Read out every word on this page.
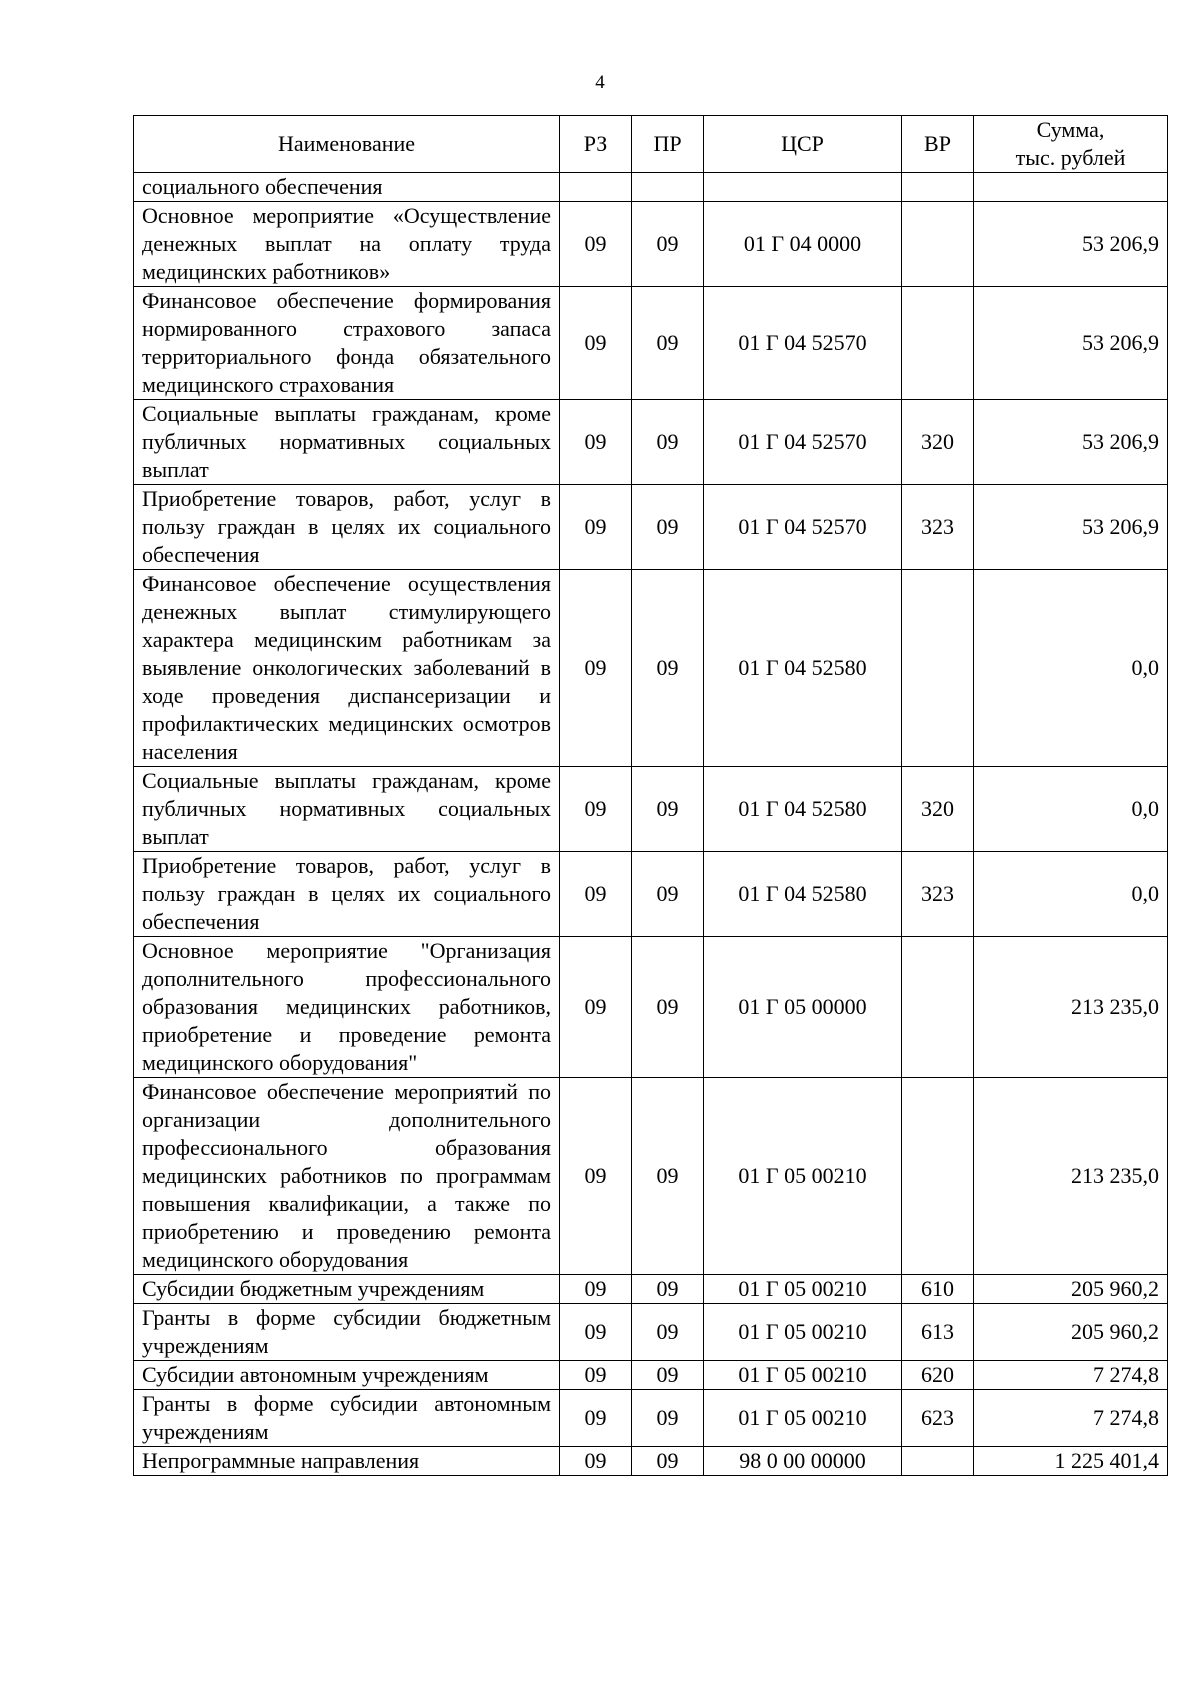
4
Наименование	РЗ	ПР	ЦСР	ВР	Сумма,
тыс. рублей
социального обеспечения					
Основное мероприятие «Осуществление денежных выплат на оплату труда медицинских работников»	09	09	01 Г 04 0000		53 206,9
Финансовое обеспечение формирования нормированного страхового запаса территориального фонда обязательного медицинского страхования	09	09	01 Г 04 52570		53 206,9
Социальные выплаты гражданам, кроме публичных нормативных социальных выплат	09	09	01 Г 04 52570	320	53 206,9
Приобретение товаров, работ, услуг в пользу граждан в целях их социального обеспечения	09	09	01 Г 04 52570	323	53 206,9
Финансовое обеспечение осуществления денежных выплат стимулирующего характера медицинским работникам за выявление онкологических заболеваний в ходе проведения диспансеризации и профилактических медицинских осмотров населения	09	09	01 Г 04 52580		0,0
Социальные выплаты гражданам, кроме публичных нормативных социальных выплат	09	09	01 Г 04 52580	320	0,0
Приобретение товаров, работ, услуг в пользу граждан в целях их социального обеспечения	09	09	01 Г 04 52580	323	0,0
Основное мероприятие "Организация дополнительного профессионального образования медицинских работников, приобретение и проведение ремонта медицинского оборудования"	09	09	01 Г 05 00000		213 235,0
Финансовое обеспечение мероприятий по организации дополнительного профессионального образования медицинских работников по программам повышения квалификации, а также по приобретению и проведению ремонта медицинского оборудования	09	09	01 Г 05 00210		213 235,0
Субсидии бюджетным учреждениям	09	09	01 Г 05 00210	610	205 960,2
Гранты в форме субсидии бюджетным учреждениям	09	09	01 Г 05 00210	613	205 960,2
Субсидии автономным учреждениям	09	09	01 Г 05 00210	620	7 274,8
Гранты в форме субсидии автономным учреждениям	09	09	01 Г 05 00210	623	7 274,8
Непрограммные направления	09	09	98 0 00 00000		1 225 401,4
